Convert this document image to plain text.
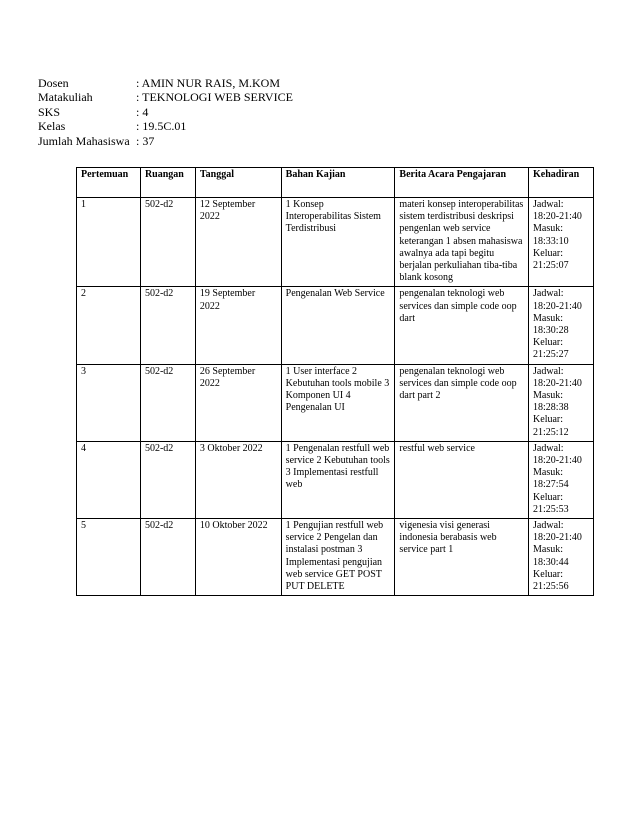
Dosen	: AMIN NUR RAIS, M.KOM
Matakuliah	: TEKNOLOGI WEB SERVICE
SKS	: 4
Kelas	: 19.5C.01
Jumlah Mahasiswa : 37
Pertemuan	Ruangan	Tanggal	Bahan Kajian	Berita Acara Pengajaran	Kehadiran
1	502-d2	12 September 2022	1 Konsep Interoperabilitas Sistem Terdistribusi	materi konsep interoperabilitas sistem terdistribusi deskripsi pengenlan web service keterangan 1 absen mahasiswa awalnya ada tapi begitu berjalan perkuliahan tiba-tiba blank kosong	Jadwal: 18:20-21:40 Masuk: 18:33:10 Keluar: 21:25:07
2	502-d2	19 September 2022	Pengenalan Web Service	pengenalan teknologi web services dan simple code oop dart	Jadwal: 18:20-21:40 Masuk: 18:30:28 Keluar: 21:25:27
3	502-d2	26 September 2022	1 User interface 2 Kebutuhan tools mobile 3 Komponen UI 4 Pengenalan UI	pengenalan teknologi web services dan simple code oop dart part 2	Jadwal: 18:20-21:40 Masuk: 18:28:38 Keluar: 21:25:12
4	502-d2	3 Oktober 2022	1 Pengenalan restfull web service 2 Kebutuhan tools 3 Implementasi restfull web	restful web service	Jadwal: 18:20-21:40 Masuk: 18:27:54 Keluar: 21:25:53
5	502-d2	10 Oktober 2022	1 Pengujian restfull web service 2 Pengelan dan instalasi postman 3 Implementasi pengujian web service GET POST PUT DELETE	vigenesia visi generasi indonesia berabasis web service part 1	Jadwal: 18:20-21:40 Masuk: 18:30:44 Keluar: 21:25:56
